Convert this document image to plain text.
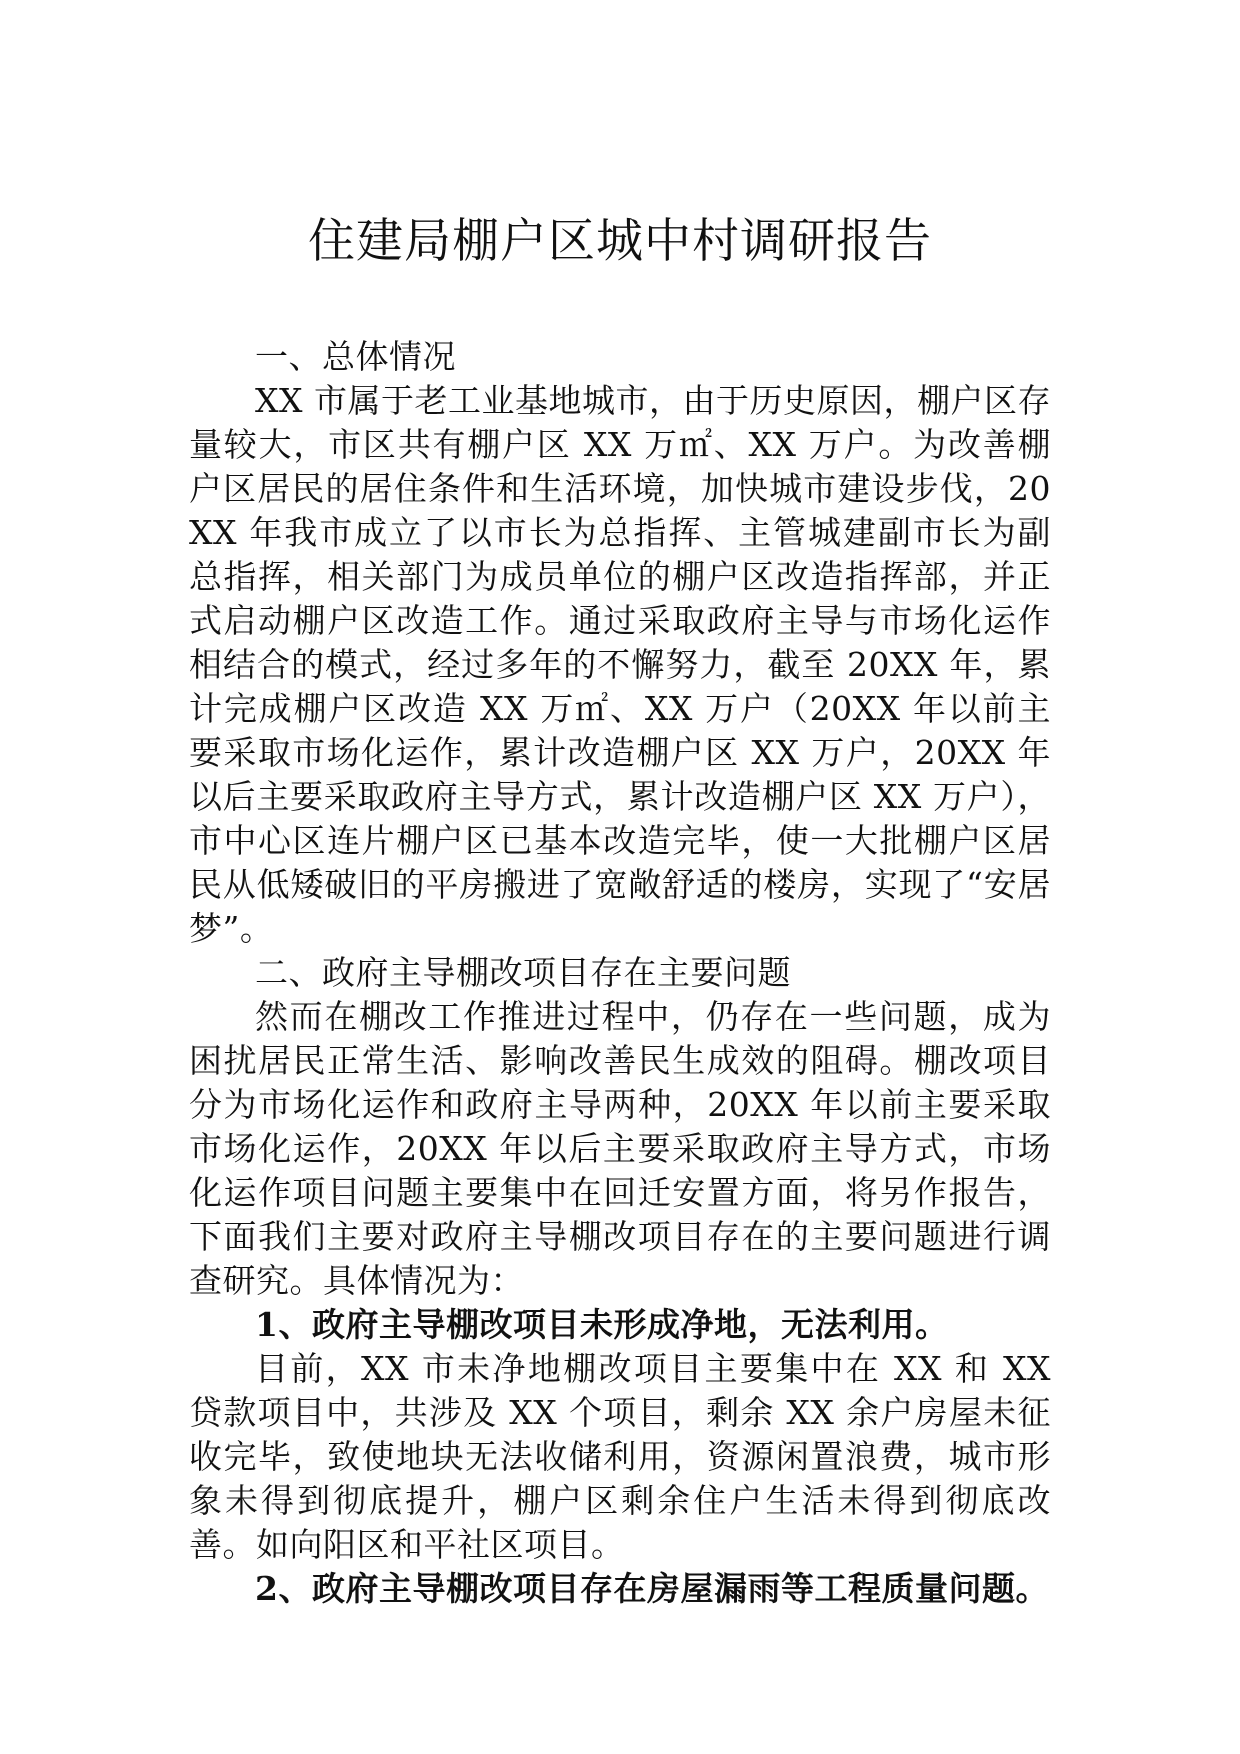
住建局棚户区城中村调研报告

一、总体情况

XX 市属于老工业基地城市，由于历史原因，棚户区存量较大，市区共有棚户区 XX 万㎡、XX 万户。为改善棚户区居民的居住条件和生活环境，加快城市建设步伐，20XX 年我市成立了以市长为总指挥、主管城建副市长为副总指挥，相关部门为成员单位的棚户区改造指挥部，并正式启动棚户区改造工作。通过采取政府主导与市场化运作相结合的模式，经过多年的不懈努力，截至 20XX 年，累计完成棚户区改造 XX 万㎡、XX 万户（20XX 年以前主要采取市场化运作，累计改造棚户区 XX 万户，20XX 年以后主要采取政府主导方式，累计改造棚户区 XX 万户），市中心区连片棚户区已基本改造完毕，使一大批棚户区居民从低矮破旧的平房搬进了宽敞舒适的楼房，实现了“安居梦”。

二、政府主导棚改项目存在主要问题

然而在棚改工作推进过程中，仍存在一些问题，成为困扰居民正常生活、影响改善民生成效的阻碍。棚改项目分为市场化运作和政府主导两种，20XX 年以前主要采取市场化运作，20XX 年以后主要采取政府主导方式，市场化运作项目问题主要集中在回迁安置方面，将另作报告，下面我们主要对政府主导棚改项目存在的主要问题进行调查研究。具体情况为：

1、政府主导棚改项目未形成净地，无法利用。

目前，XX 市未净地棚改项目主要集中在 XX 和 XX 贷款项目中，共涉及 XX 个项目，剩余 XX 余户房屋未征收完毕，致使地块无法收储利用，资源闲置浪费，城市形象未得到彻底提升，棚户区剩余住户生活未得到彻底改善。如向阳区和平社区项目。

2、政府主导棚改项目存在房屋漏雨等工程质量问题。
